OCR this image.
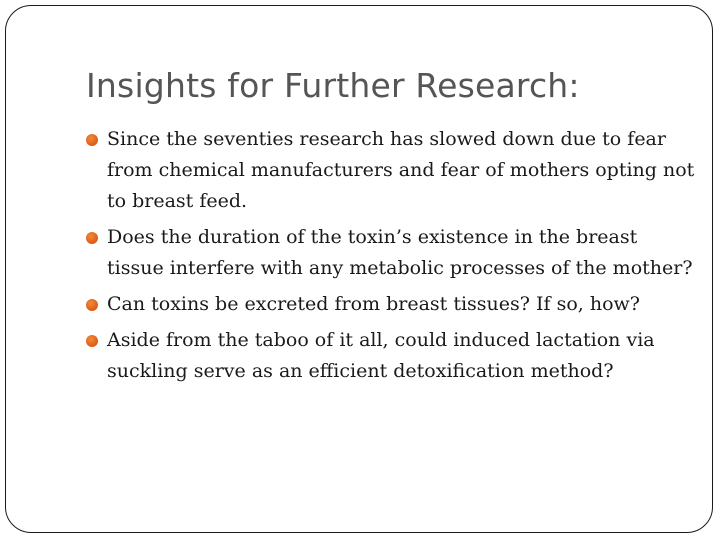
Insights for Further Research:
Since the seventies research has slowed down due to fear from chemical manufacturers and fear of mothers opting not to breast feed.
Does the duration of the toxin’s existence in the breast tissue interfere with any metabolic processes of the mother?
Can toxins be excreted from breast tissues? If so, how?
Aside from the taboo of it all, could induced lactation via suckling serve as an efficient detoxification method?
